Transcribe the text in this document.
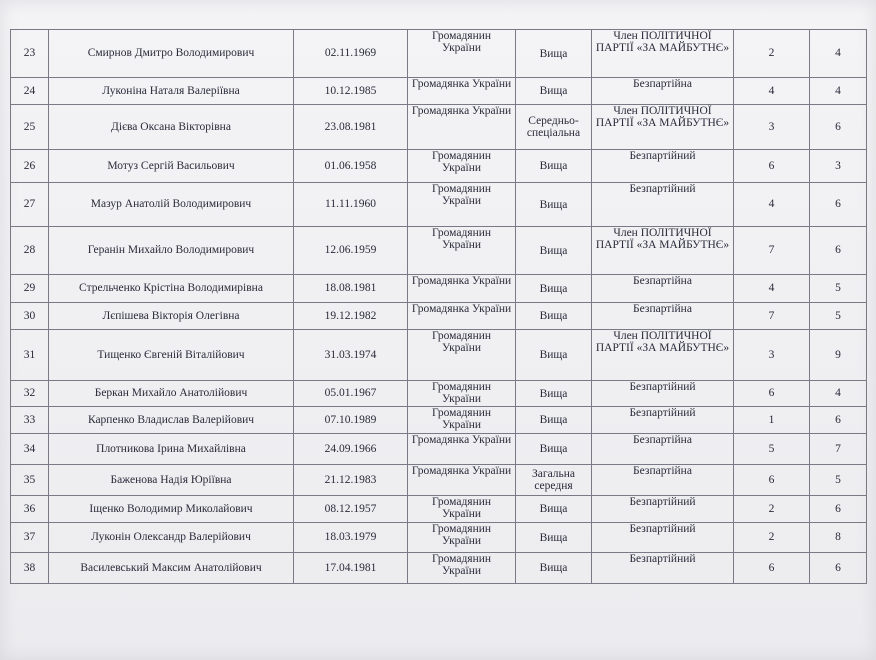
23	Смирнов Дмитро Володимирович	02.11.1969	Громадянин України	Вища	Член ПОЛІТИЧНОЇ ПАРТІЇ «ЗА МАЙБУТНЄ»	2	4
24	Луконіна Наталя Валеріївна	10.12.1985	Громадянка України	Вища	Безпартійна	4	4
25	Дієва Оксана Вікторівна	23.08.1981	Громадянка України	Середньо-спеціальна	Член ПОЛІТИЧНОЇ ПАРТІЇ «ЗА МАЙБУТНЄ»	3	6
26	Мотуз Сергій Васильович	01.06.1958	Громадянин України	Вища	Безпартійний	6	3
27	Мазур Анатолій Володимирович	11.11.1960	Громадянин України	Вища	Безпартійний	4	6
28	Геранін Михайло Володимирович	12.06.1959	Громадянин України	Вища	Член ПОЛІТИЧНОЇ ПАРТІЇ «ЗА МАЙБУТНЄ»	7	6
29	Стрельченко Крістіна Володимирівна	18.08.1981	Громадянка України	Вища	Безпартійна	4	5
30	Лєпішева Вікторія Олегівна	19.12.1982	Громадянка України	Вища	Безпартійна	7	5
31	Тищенко Євгеній Віталійович	31.03.1974	Громадянин України	Вища	Член ПОЛІТИЧНОЇ ПАРТІЇ «ЗА МАЙБУТНЄ»	3	9
32	Беркан Михайло Анатолійович	05.01.1967	Громадянин України	Вища	Безпартійний	6	4
33	Карпенко Владислав Валерійович	07.10.1989	Громадянин України	Вища	Безпартійний	1	6
34	Плотникова Ірина Михайлівна	24.09.1966	Громадянка України	Вища	Безпартійна	5	7
35	Баженова Надія Юріївна	21.12.1983	Громадянка України	Загальна середня	Безпартійна	6	5
36	Іщенко Володимир Миколайович	08.12.1957	Громадянин України	Вища	Безпартійний	2	6
37	Луконін Олександр Валерійович	18.03.1979	Громадянин України	Вища	Безпартійний	2	8
38	Василевський Максим Анатолійович	17.04.1981	Громадянин України	Вища	Безпартійний	6	6
